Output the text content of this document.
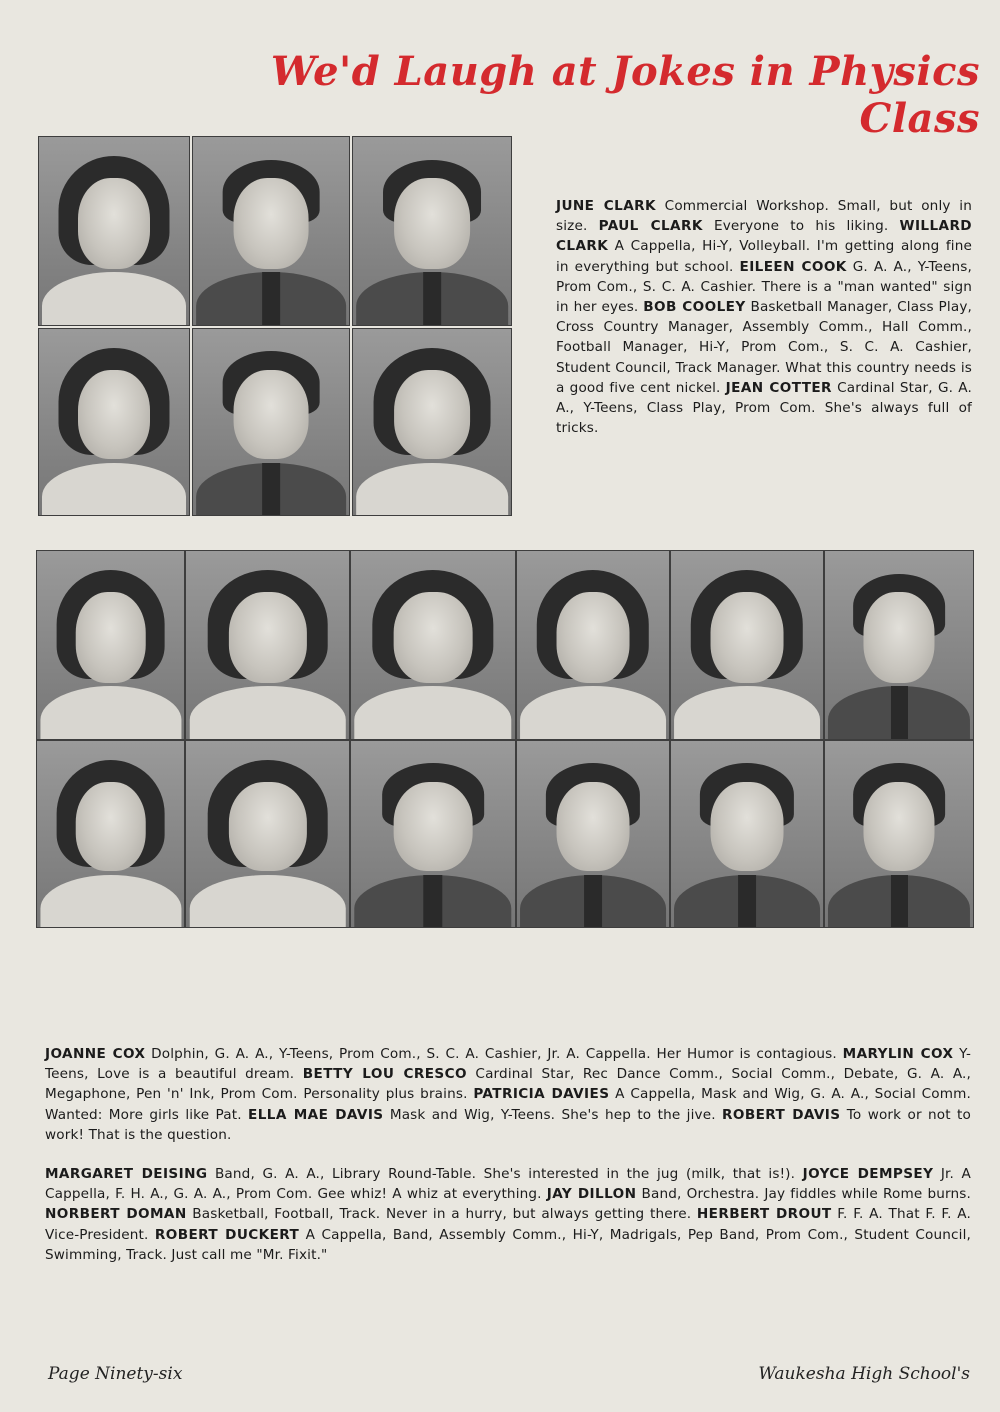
We'd Laugh at Jokes in Physics Class
JUNE CLARK Commercial Workshop. Small, but only in size. PAUL CLARK Everyone to his liking. WILLARD CLARK A Cappella, Hi-Y, Volleyball. I'm getting along fine in everything but school. EILEEN COOK G. A. A., Y-Teens, Prom Com., S. C. A. Cashier. There is a "man wanted" sign in her eyes. BOB COOLEY Basketball Manager, Class Play, Cross Country Manager, Assembly Comm., Hall Comm., Football Manager, Hi-Y, Prom Com., S. C. A. Cashier, Student Council, Track Manager. What this country needs is a good five cent nickel. JEAN COTTER Cardinal Star, G. A. A., Y-Teens, Class Play, Prom Com. She's always full of tricks.
JOANNE COX Dolphin, G. A. A., Y-Teens, Prom Com., S. C. A. Cashier, Jr. A. Cappella. Her Humor is contagious. MARYLIN COX Y-Teens, Love is a beautiful dream. BETTY LOU CRESCO Cardinal Star, Rec Dance Comm., Social Comm., Debate, G. A. A., Megaphone, Pen 'n' Ink, Prom Com. Personality plus brains. PATRICIA DAVIES A Cappella, Mask and Wig, G. A. A., Social Comm. Wanted: More girls like Pat. ELLA MAE DAVIS Mask and Wig, Y-Teens. She's hep to the jive. ROBERT DAVIS To work or not to work! That is the question.
MARGARET DEISING Band, G. A. A., Library Round-Table. She's interested in the jug (milk, that is!). JOYCE DEMPSEY Jr. A Cappella, F. H. A., G. A. A., Prom Com. Gee whiz! A whiz at everything. JAY DILLON Band, Orchestra. Jay fiddles while Rome burns. NORBERT DOMAN Basketball, Football, Track. Never in a hurry, but always getting there. HERBERT DROUT F. F. A. That F. F. A. Vice-President. ROBERT DUCKERT A Cappella, Band, Assembly Comm., Hi-Y, Madrigals, Pep Band, Prom Com., Student Council, Swimming, Track. Just call me "Mr. Fixit."
Page Ninety-six	Waukesha High School's
